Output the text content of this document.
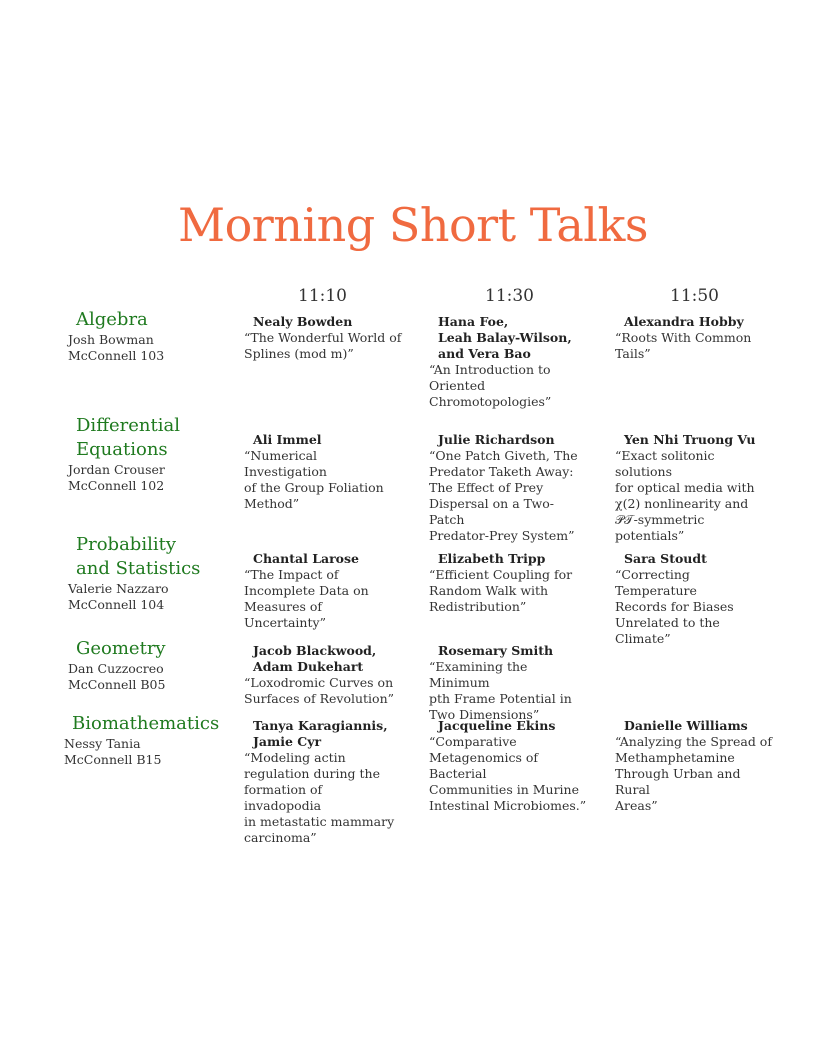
Morning Short Talks
11:10	11:30	11:50
Algebra
Josh Bowman
McConnell 103
Nealy Bowden
“The Wonderful World of
Splines (mod m)”
Hana Foe,
Leah Balay-Wilson,
and Vera Bao
“An Introduction to
Oriented
Chromotopologies”
Alexandra Hobby
“Roots With Common
Tails”
Differential
Equations
Jordan Crouser
McConnell 102
Ali Immel
“Numerical Investigation
of the Group Foliation
Method”
Julie Richardson
“One Patch Giveth, The
Predator Taketh Away:
The Effect of Prey
Dispersal on a Two-Patch
Predator-Prey System”
Yen Nhi Truong Vu
“Exact solitonic solutions
for optical media with
χ(2) nonlinearity and
𝒫𝒯-symmetric potentials”
Probability
and Statistics
Valerie Nazzaro
McConnell 104
Chantal Larose
“The Impact of
Incomplete Data on
Measures of Uncertainty”
Elizabeth Tripp
“Efficient Coupling for
Random Walk with
Redistribution”
Sara Stoudt
“Correcting Temperature
Records for Biases
Unrelated to the Climate”
Geometry
Dan Cuzzocreo
McConnell B05
Jacob Blackwood,
Adam Dukehart
“Loxodromic Curves on
Surfaces of Revolution”
Rosemary Smith
“Examining the Minimum
pth Frame Potential in
Two Dimensions”
Biomathematics
Nessy Tania
McConnell B15
Tanya Karagiannis,
Jamie Cyr
“Modeling actin
regulation during the
formation of invadopodia
in metastatic mammary
carcinoma”
Jacqueline Ekins
“Comparative
Metagenomics of Bacterial
Communities in Murine
Intestinal Microbiomes.”
Danielle Williams
“Analyzing the Spread of
Methamphetamine
Through Urban and Rural
Areas”
